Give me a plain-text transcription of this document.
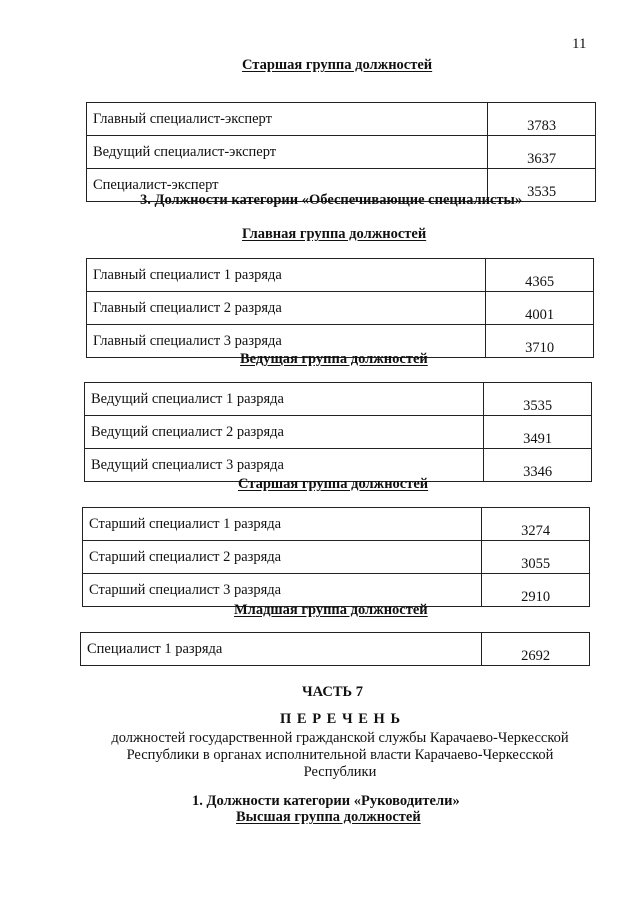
11
Старшая группа должностей
Главный специалист-эксперт	3783
Ведущий специалист-эксперт	3637
Специалист-эксперт	3535
3. Должности категории «Обеспечивающие специалисты»
Главная группа должностей
Главный специалист 1 разряда	4365
Главный специалист 2 разряда	4001
Главный специалист 3 разряда	3710
Ведущая группа должностей
Ведущий специалист 1 разряда	3535
Ведущий специалист 2 разряда	3491
Ведущий специалист 3 разряда	3346
Старшая группа должностей
Старший специалист 1 разряда	3274
Старший специалист 2 разряда	3055
Старший специалист 3 разряда	2910
Младшая группа должностей
Специалист 1 разряда	2692
ЧАСТЬ 7
П Е Р Е Ч Е Н Ь
должностей государственной гражданской службы Карачаево-Черкесской
Республики в органах исполнительной власти Карачаево-Черкесской
Республики
1. Должности категории «Руководители»
Высшая группа должностей
